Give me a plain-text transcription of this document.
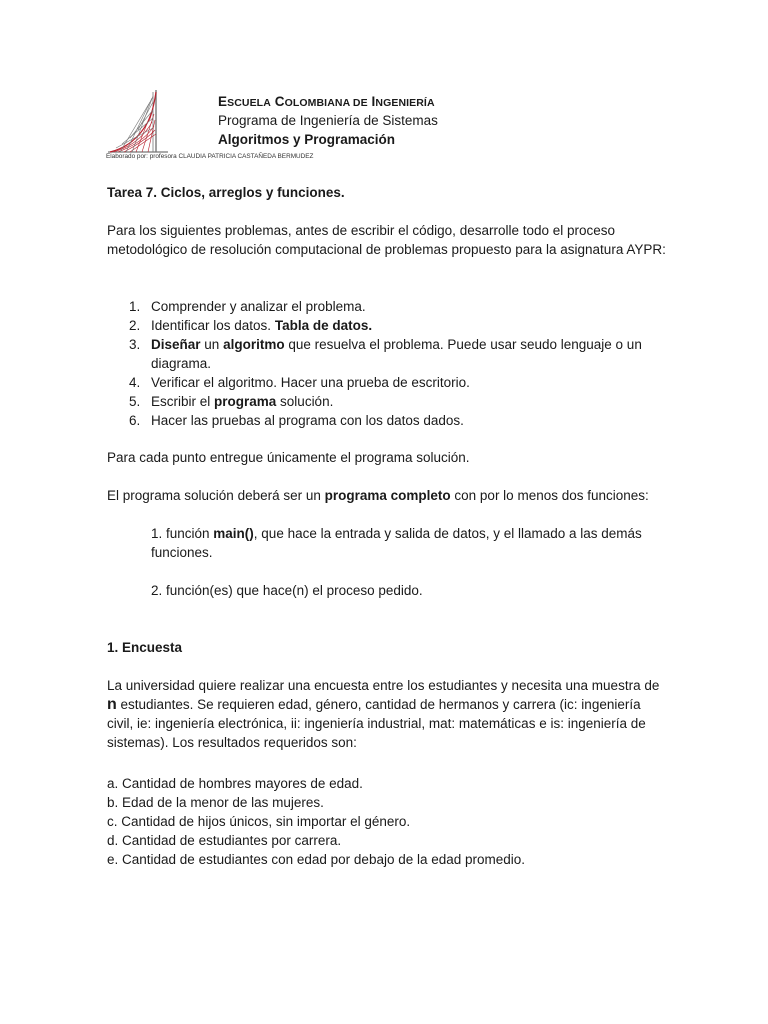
ESCUELA COLOMBIANA DE INGENIERÍA
Programa de Ingeniería de Sistemas
Algoritmos y Programación
Elaborado por: profesora CLAUDIA PATRICIA CASTAÑEDA BERMUDEZ
Tarea 7. Ciclos, arreglos y funciones.
Para los siguientes problemas, antes de escribir el código, desarrolle todo el proceso metodológico de resolución computacional de problemas propuesto para la asignatura AYPR:
1. Comprender y analizar el problema.
2. Identificar los datos. Tabla de datos.
3. Diseñar un algoritmo que resuelva el problema. Puede usar seudo lenguaje o un diagrama.
4. Verificar el algoritmo. Hacer una prueba de escritorio.
5. Escribir el programa solución.
6. Hacer las pruebas al programa con los datos dados.
Para cada punto entregue únicamente el programa solución.
El programa solución deberá ser un programa completo con por lo menos dos funciones:
1. función main(), que hace la entrada y salida de datos, y el llamado a las demás funciones.
2. función(es) que hace(n) el proceso pedido.
1. Encuesta
La universidad quiere realizar una encuesta entre los estudiantes y necesita una muestra de n estudiantes. Se requieren edad, género, cantidad de hermanos y carrera (ic: ingeniería civil, ie: ingeniería electrónica, ii: ingeniería industrial, mat: matemáticas e is: ingeniería de sistemas). Los resultados requeridos son:
a. Cantidad de hombres mayores de edad.
b. Edad de la menor de las mujeres.
c. Cantidad de hijos únicos, sin importar el género.
d. Cantidad de estudiantes por carrera.
e. Cantidad de estudiantes con edad por debajo de la edad promedio.
